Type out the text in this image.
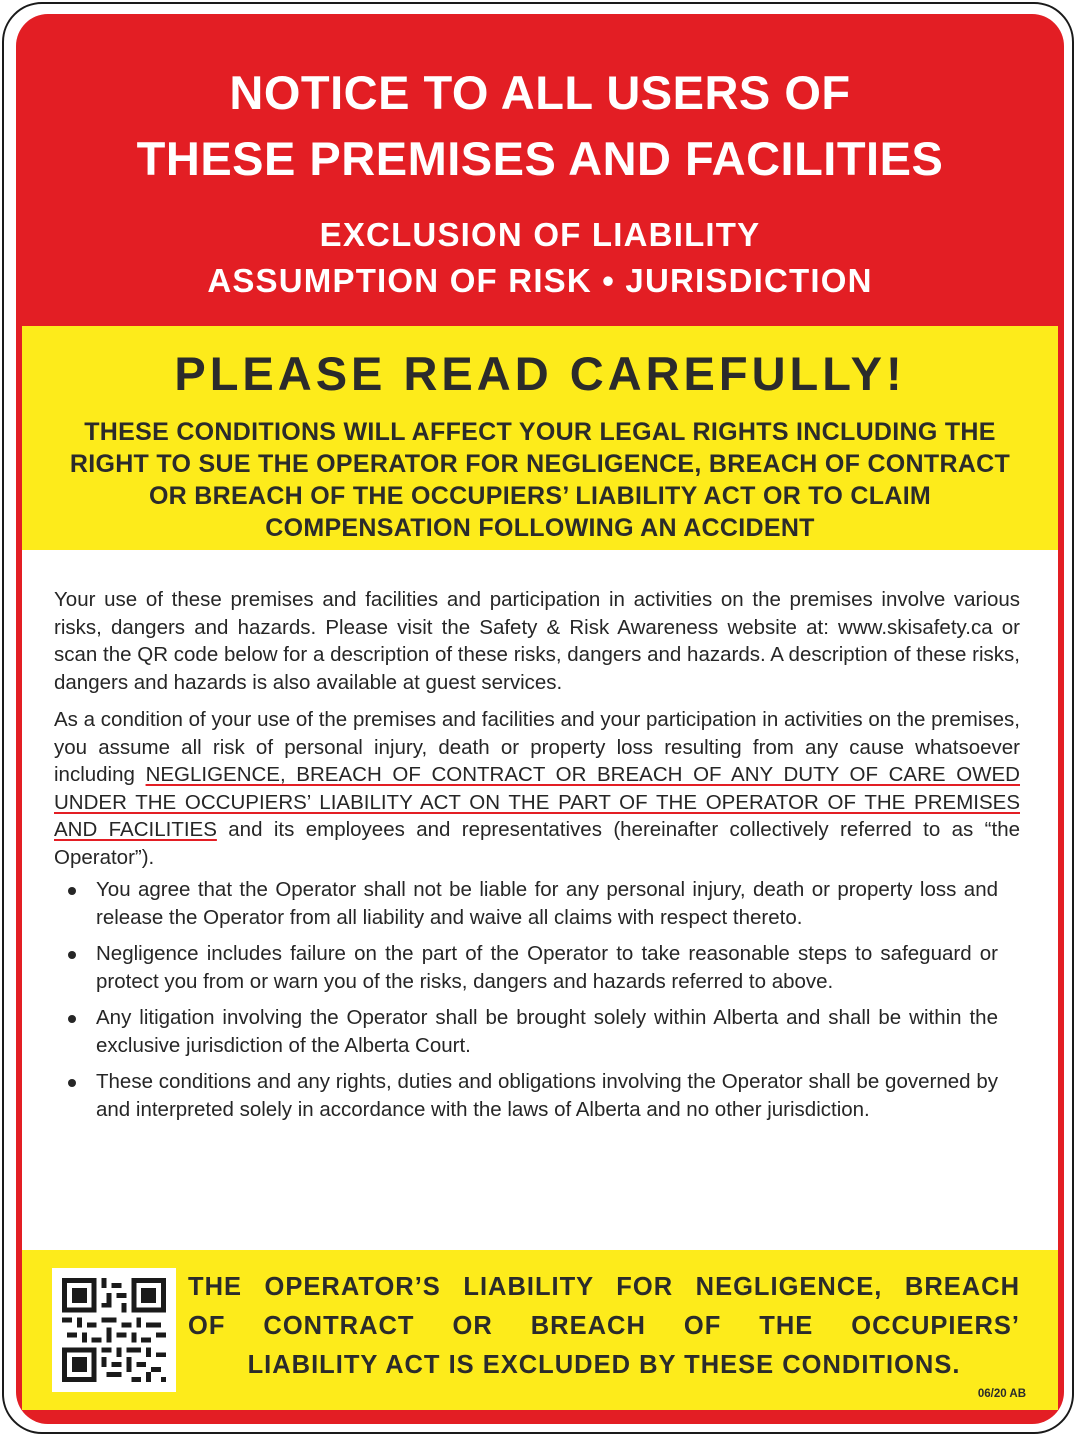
NOTICE TO ALL USERS OF
THESE PREMISES AND FACILITIES
EXCLUSION OF LIABILITY
ASSUMPTION OF RISK • JURISDICTION
PLEASE READ CAREFULLY!
THESE CONDITIONS WILL AFFECT YOUR LEGAL RIGHTS INCLUDING THE RIGHT TO SUE THE OPERATOR FOR NEGLIGENCE, BREACH OF CONTRACT OR BREACH OF THE OCCUPIERS’ LIABILITY ACT OR TO CLAIM COMPENSATION FOLLOWING AN ACCIDENT
Your use of these premises and facilities and participation in activities on the premises involve various risks, dangers and hazards. Please visit the Safety & Risk Awareness website at: www.skisafety.ca or scan the QR code below for a description of these risks, dangers and hazards. A description of these risks, dangers and hazards is also available at guest services.
As a condition of your use of the premises and facilities and your participation in activities on the premises, you assume all risk of personal injury, death or property loss resulting from any cause whatsoever including NEGLIGENCE, BREACH OF CONTRACT OR BREACH OF ANY DUTY OF CARE OWED UNDER THE OCCUPIERS’ LIABILITY ACT ON THE PART OF THE OPERATOR OF THE PREMISES AND FACILITIES and its employees and representatives (hereinafter collectively referred to as “the Operator”).
You agree that the Operator shall not be liable for any personal injury, death or property loss and release the Operator from all liability and waive all claims with respect thereto.
Negligence includes failure on the part of the Operator to take reasonable steps to safeguard or protect you from or warn you of the risks, dangers and hazards referred to above.
Any litigation involving the Operator shall be brought solely within Alberta and shall be within the exclusive jurisdiction of the Alberta Court.
These conditions and any rights, duties and obligations involving the Operator shall be governed by and interpreted solely in accordance with the laws of Alberta and no other jurisdiction.
THE OPERATOR’S LIABILITY FOR NEGLIGENCE, BREACH
OF CONTRACT OR BREACH OF THE OCCUPIERS’
LIABILITY ACT IS EXCLUDED BY THESE CONDITIONS.
06/20 AB
